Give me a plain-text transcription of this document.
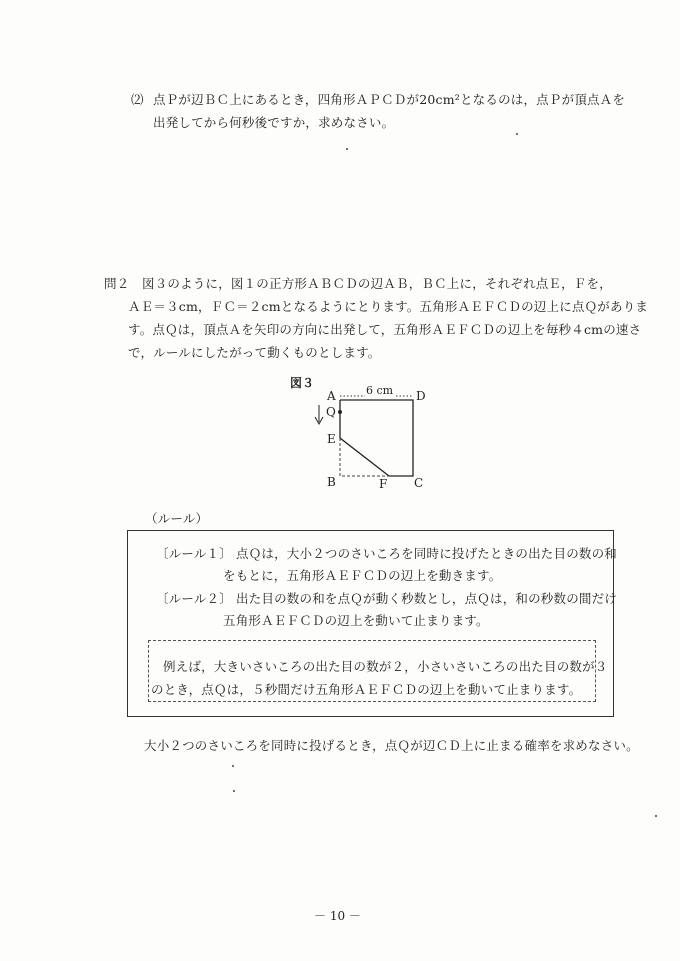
⑵ 点Ｐが辺ＢＣ上にあるとき，四角形ＡＰＣＤが20cm²となるのは，点Ｐが頂点Ａを
出発してから何秒後ですか，求めなさい。
問２ 図３のように，図１の正方形ＡＢＣＤの辺ＡＢ，ＢＣ上に，それぞれ点Ｅ，Ｆを，
ＡＥ＝３cm，ＦＣ＝２cmとなるようにとります。五角形ＡＥＦＣＤの辺上に点Ｑがありま
す。点Ｑは，頂点Ａを矢印の方向に出発して，五角形ＡＥＦＣＤの辺上を毎秒４cmの速さ
で，ルールにしたがって動くものとします。
図３
6 cm
A	D
Q
E
B	F C
（ルール）
〔ルール１〕 点Ｑは，大小２つのさいころを同時に投げたときの出た目の数の和
をもとに，五角形ＡＥＦＣＤの辺上を動きます。
〔ルール２〕 出た目の数の和を点Ｑが動く秒数とし，点Ｑは，和の秒数の間だけ
五角形ＡＥＦＣＤの辺上を動いて止まります。
例えば，大きいさいころの出た目の数が２，小さいさいころの出た目の数が３
のとき，点Ｑは，５秒間だけ五角形ＡＥＦＣＤの辺上を動いて止まります。
大小２つのさいころを同時に投げるとき，点Ｑが辺ＣＤ上に止まる確率を求めなさい。
－ 10 －
